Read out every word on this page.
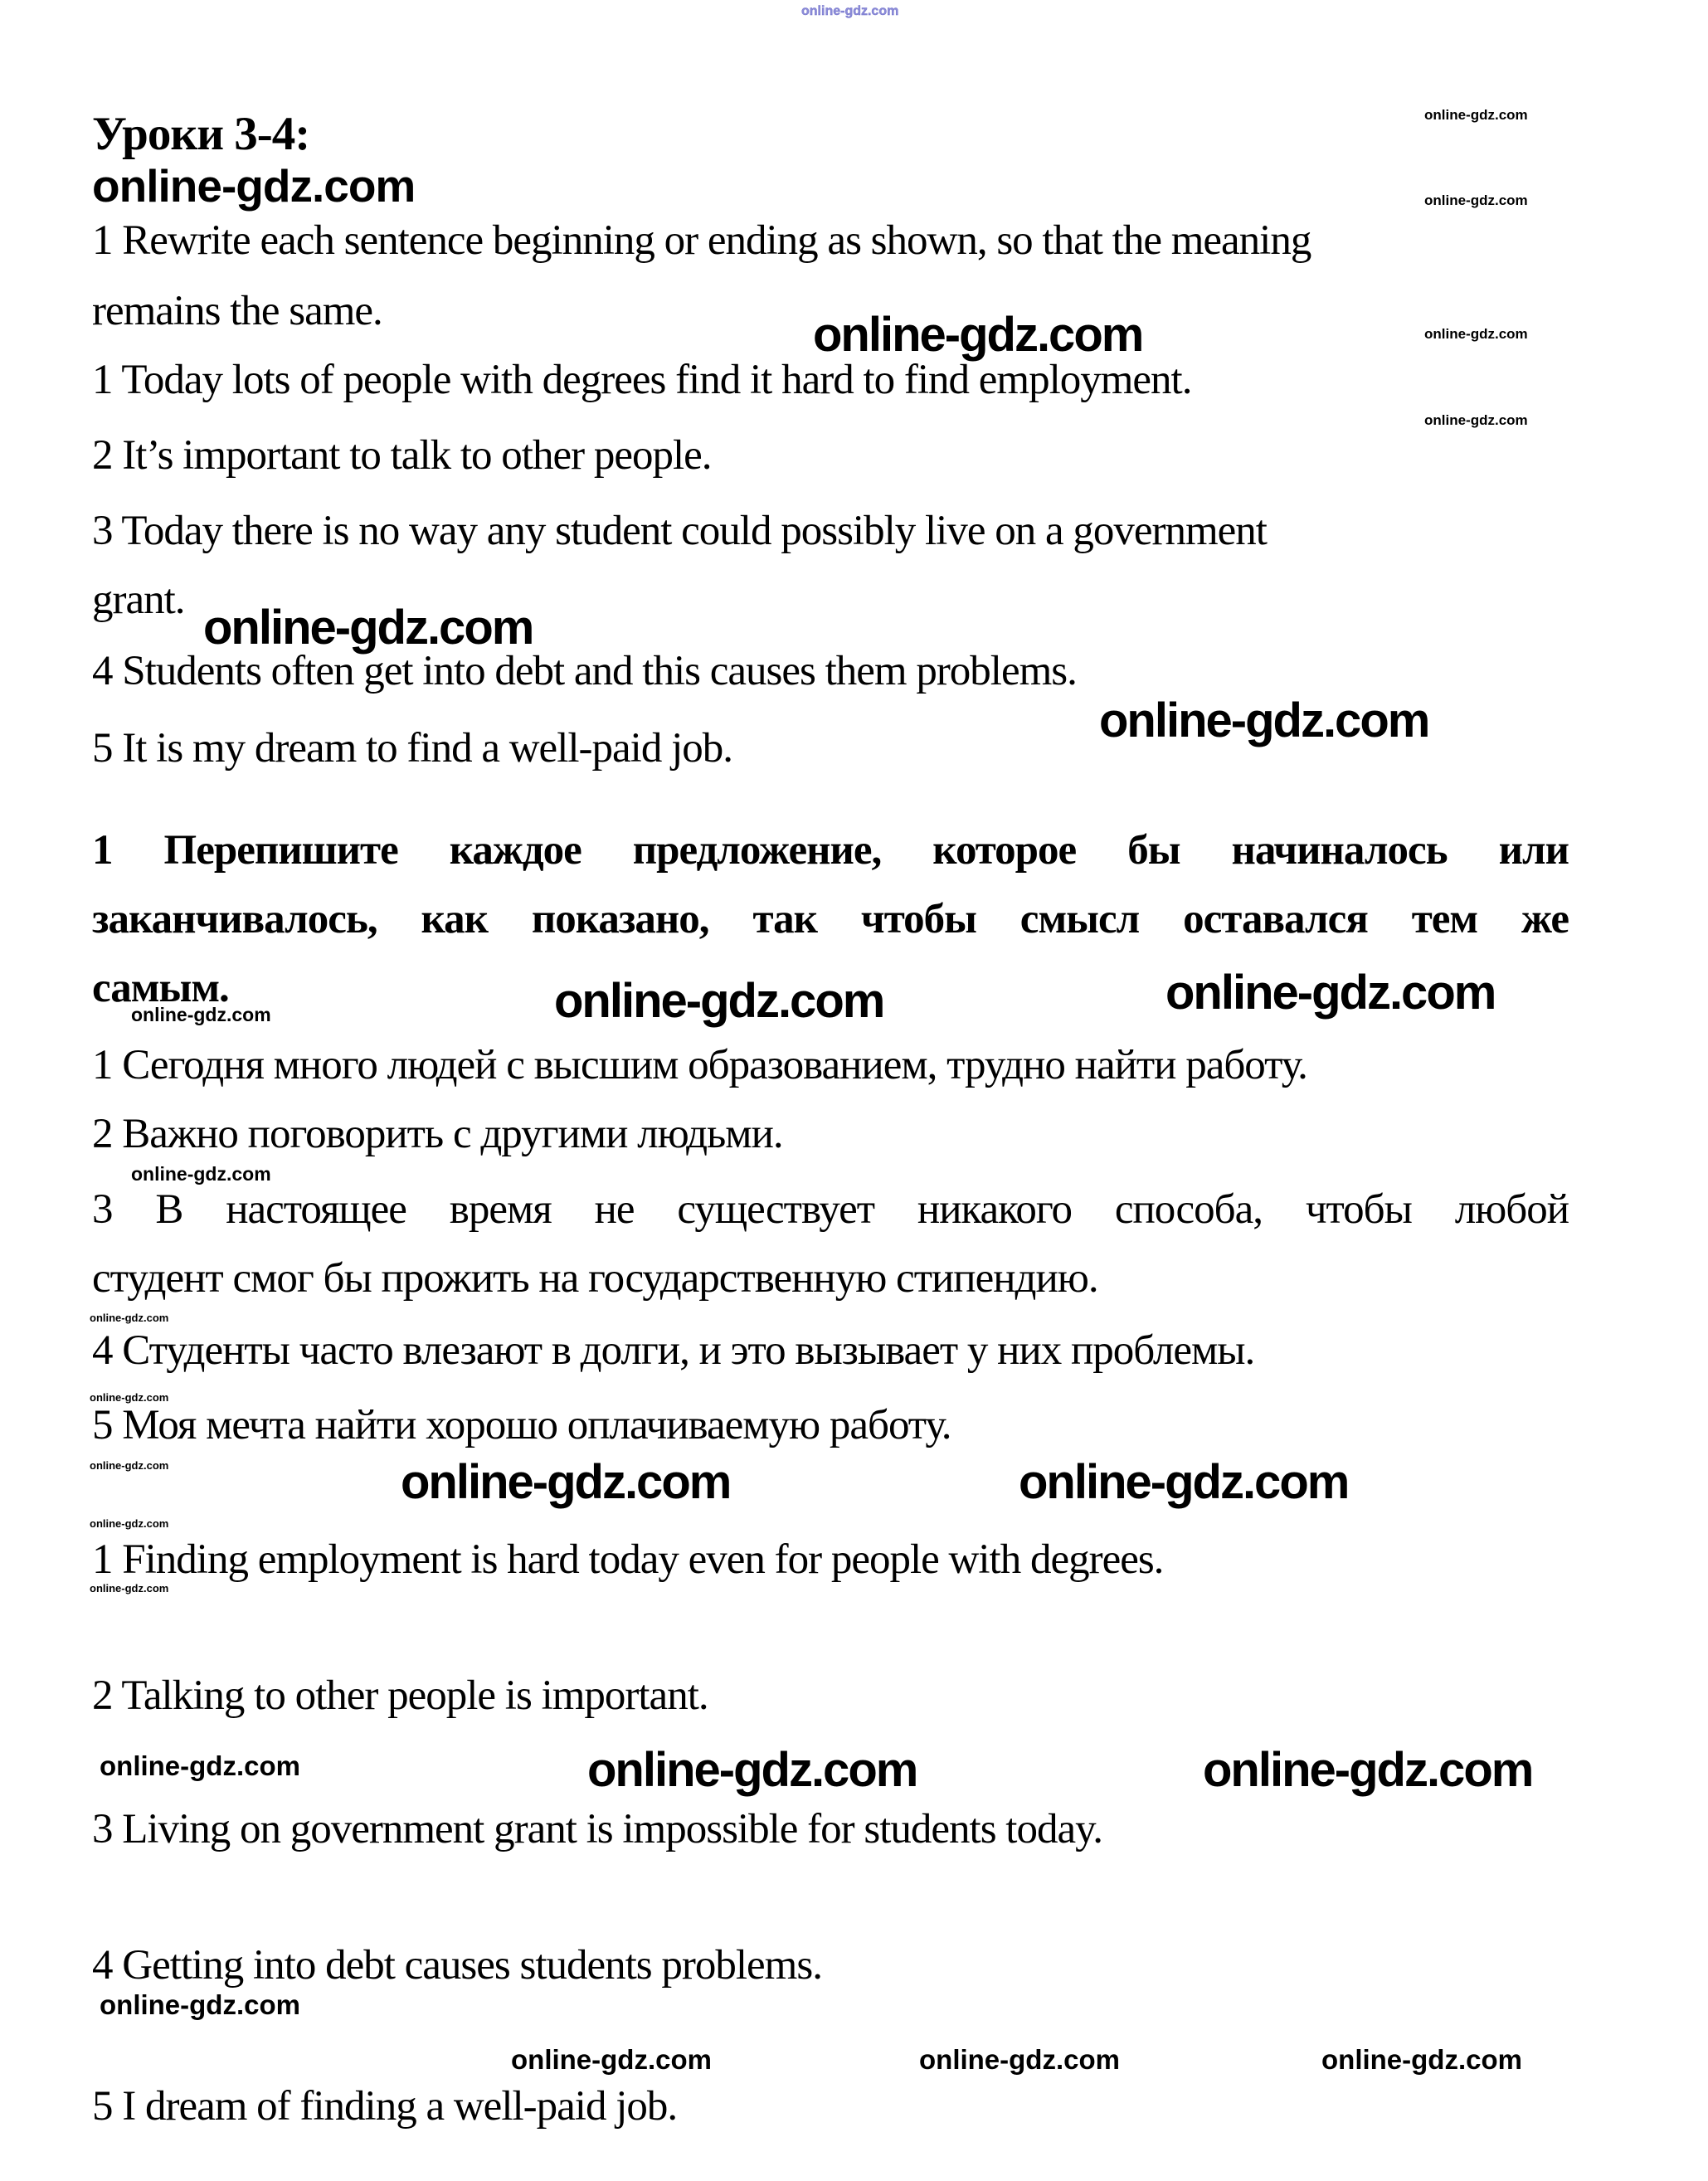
Уроки 3-4:
online-gdz.com
1 Rewrite each sentence beginning or ending as shown, so that the meaning
remains the same.
1 Today lots of people with degrees find it hard to find employment.
2 It’s important to talk to other people.
3 Today there is no way any student could possibly live on a government
grant.
4 Students often get into debt and this causes them problems.
5 It is my dream to find a well-paid job.
1 Перепишите каждое предложение, которое бы начиналось или
заканчивалось, как показано, так чтобы смысл оставался тем же
самым.
1 Сегодня много людей с высшим образованием, трудно найти работу.
2 Важно поговорить с другими людьми.
3 В настоящее время не существует никакого способа, чтобы любой
студент смог бы прожить на государственную стипендию.
4 Студенты часто влезают в долги, и это вызывает у них проблемы.
5 Моя мечта найти хорошо оплачиваемую работу.
1 Finding employment is hard today even for people with degrees.
2 Talking to other people is important.
3 Living on government grant is impossible for students today.
4 Getting into debt causes students problems.
5 I dream of finding a well-paid job.
online-gdz.com
online-gdz.com
online-gdz.com
online-gdz.com	online-gdz.com
online-gdz.com
online-gdz.com
online-gdz.com
online-gdz.com	online-gdz.com	online-gdz.com
online-gdz.com
online-gdz.com
online-gdz.com
online-gdz.com	online-gdz.com	online-gdz.com
online-gdz.com
online-gdz.com
online-gdz.com	online-gdz.com	online-gdz.com
online-gdz.com
online-gdz.com	online-gdz.com	online-gdz.com
